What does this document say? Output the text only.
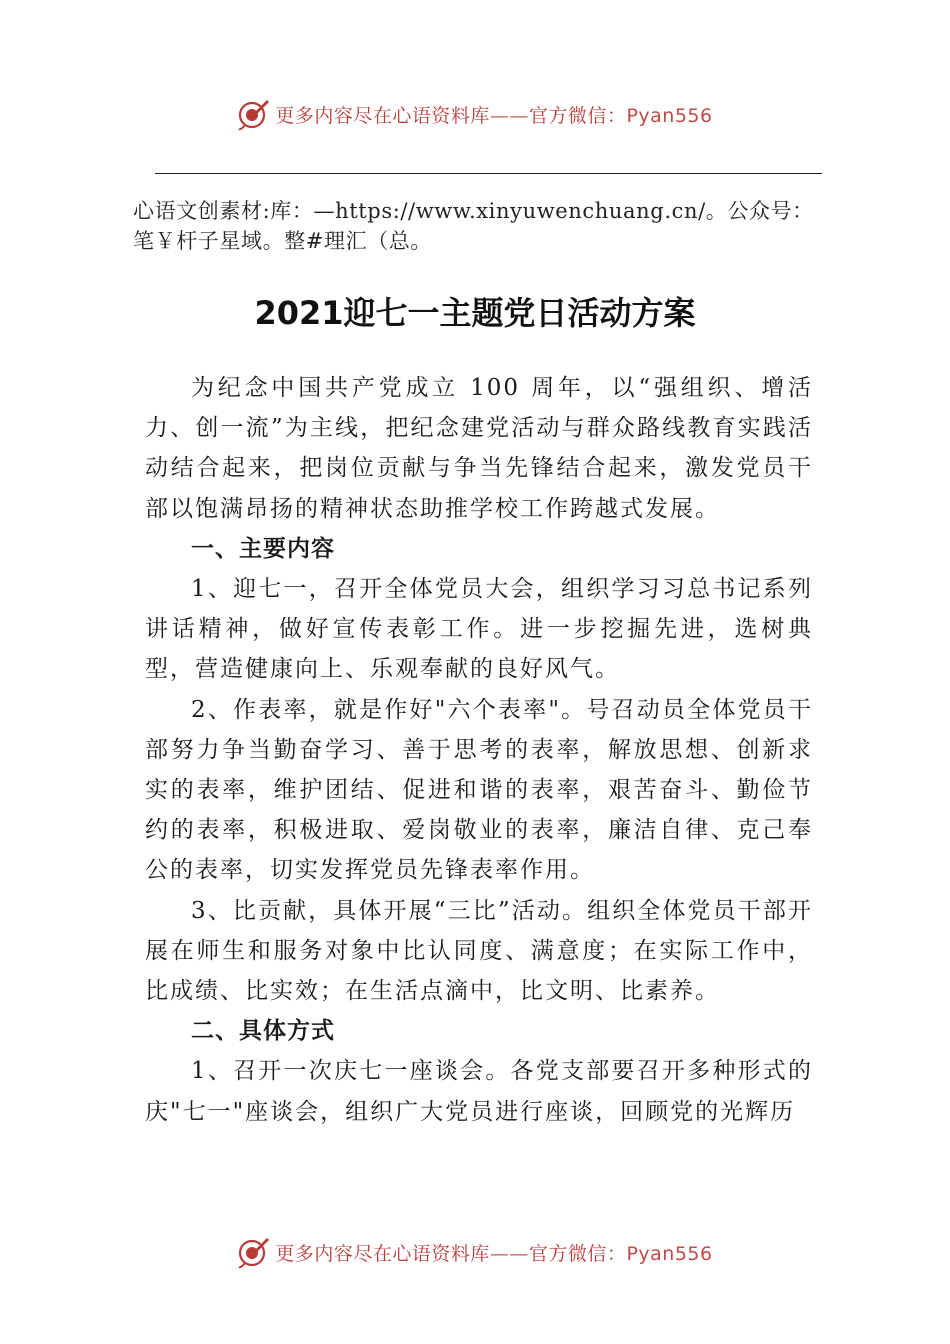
更多内容尽在心语资料库——官方微信：Pyan556
心语文创素材:库：—https://www.xinyuwenchuang.cn/。公众号：笔￥杆子星域。整#理汇（总。
2021迎七一主题党日活动方案

为纪念中国共产党成立 100 周年，以“强组织、增活力、创一流”为主线，把纪念建党活动与群众路线教育实践活动结合起来，把岗位贡献与争当先锋结合起来，激发党员干部以饱满昂扬的精神状态助推学校工作跨越式发展。

一、主要内容

1、迎七一，召开全体党员大会，组织学习习总书记系列讲话精神，做好宣传表彰工作。进一步挖掘先进，选树典型，营造健康向上、乐观奉献的良好风气。

2、作表率，就是作好"六个表率"。号召动员全体党员干部努力争当勤奋学习、善于思考的表率，解放思想、创新求实的表率，维护团结、促进和谐的表率，艰苦奋斗、勤俭节约的表率，积极进取、爱岗敬业的表率，廉洁自律、克己奉公的表率，切实发挥党员先锋表率作用。

3、比贡献，具体开展“三比”活动。组织全体党员干部开展在师生和服务对象中比认同度、满意度；在实际工作中， 比成绩、比实效；在生活点滴中，比文明、比素养。

二、具体方式

1、召开一次庆七一座谈会。各党支部要召开多种形式的庆"七一"座谈会，组织广大党员进行座谈，回顾党的光辉历

更多内容尽在心语资料库——官方微信：Pyan556
